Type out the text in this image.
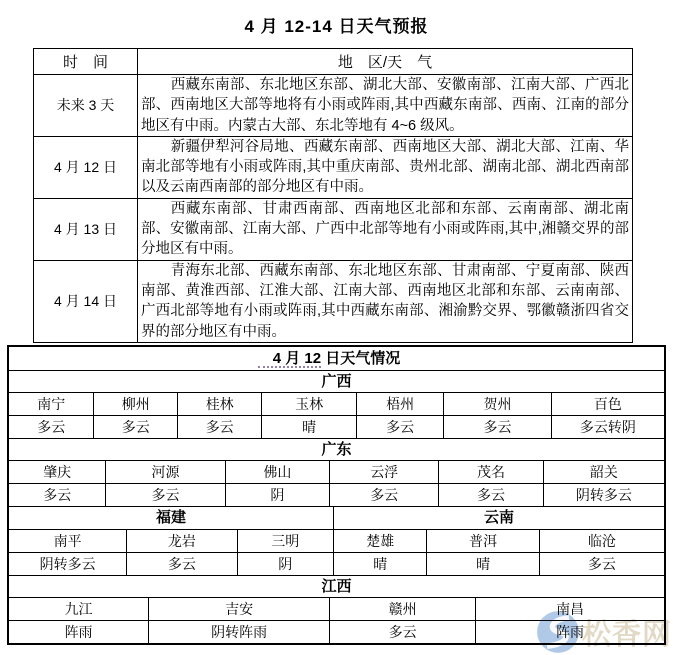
4 月 12-14 日天气预报
时　间	地　区/天　气
未来 3 天	西藏东南部、东北地区东部、湖北大部、安徽南部、江南大部、广西北部、西南地区大部等地将有小雨或阵雨,其中西藏东南部、西南、江南的部分地区有中雨。内蒙古大部、东北等地有 4~6 级风。
4 月 12 日	新疆伊犁河谷局地、西藏东南部、西南地区大部、湖北大部、江南、华南北部等地有小雨或阵雨,其中重庆南部、贵州北部、湖南北部、湖北西南部以及云南西南部的部分地区有中雨。
4 月 13 日	西藏东南部、甘肃西南部、西南地区北部和东部、云南南部、湖北南部、安徽南部、江南大部、广西中北部等地有小雨或阵雨,其中,湘赣交界的部分地区有中雨。
4 月 14 日	青海东北部、西藏东南部、东北地区东部、甘肃南部、宁夏南部、陕西南部、黄淮西部、江淮大部、江南大部、西南地区北部和东部、云南南部、广西北部等地有小雨或阵雨,其中西藏东南部、湘渝黔交界、鄂徽赣浙四省交界的部分地区有中雨。
松香网
4 月 12 日天气情况
广西
南宁	柳州	桂林	玉林	梧州	贺州	百色
多云	多云	多云	晴	多云	多云	多云转阴
广东
肇庆	河源	佛山	云浮	茂名	韶关
多云	多云	阴	多云	多云	阴转多云
福建	云南
南平	龙岩	三明	楚雄	普洱	临沧
阴转多云	多云	阴	晴	晴	多云
江西
九江	吉安	赣州	南昌
阵雨	阴转阵雨	多云	阵雨
